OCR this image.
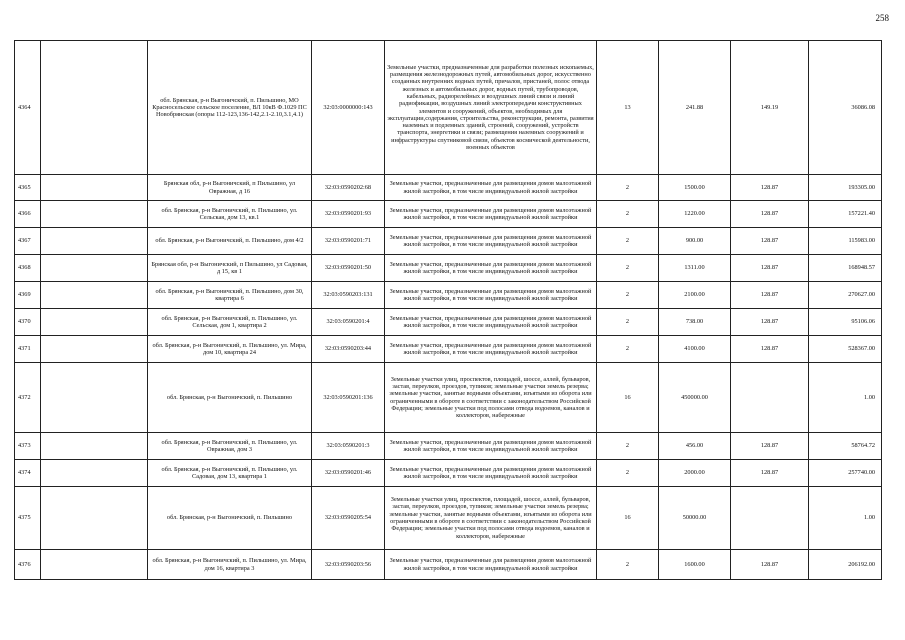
258
4364		обл. Брянская, р-н Выгоничский, п. Пильшино, МО Красносельское сельское поселение, ВЛ 10кВ Ф.1029 ПС Новобрянская (опоры 112-123,136-142,2.1-2.10,3.1,4.1)	32:03:0000000:143	Земельные участки, предназначенные для разработки полезных ископаемых, размещения железнодорожных путей, автомобильных дорог, искусственно созданных внутренних водных путей, причалов, пристаней, полос отвода железных и автомобильных дорог, водных путей, трубопроводов, кабельных, радиорелейных и воздушных линий связи и линий радиофикации, воздушных линий электропередачи конструктивных элементов и сооружений, объектов, необходимых для эксплуатации,содержания, строительства, реконструкции, ремонта, развития наземных и подземных зданий, строений, сооружений, устройств транспорта, энергетики и связи; размещения наземных сооружений и инфраструктуры спутниковой связи, объектов космической деятельности, военных объектов	13	241.88	149.19	36086.08
4365		Брянская обл, р-н Выгоничский, п Пильшино, ул Овражная, д 16	32:03:0590202:68	Земельные участки, предназначенные для размещения домов малоэтажной жилой застройки, в том числе индивидуальной жилой застройки	2	1500.00	128.87	193305.00
4366		обл. Брянская, р-н Выгоничский, п. Пильшино, ул. Сельская, дом 13, кв.1	32:03:0590201:93	Земельные участки, предназначенные для размещения домов малоэтажной жилой застройки, в том числе индивидуальной жилой застройки	2	1220.00	128.87	157221.40
4367		обл. Брянская, р-н Выгоничский, п. Пильшино, дом 4/2	32:03:0590201:71	Земельные участки, предназначенные для размещения домов малоэтажной жилой застройки, в том числе индивидуальной жилой застройки	2	900.00	128.87	115983.00
4368		Брянская обл, р-н Выгоничский, п Пильшино, ул Садовая, д 15, кв 1	32:03:0590201:50	Земельные участки, предназначенные для размещения домов малоэтажной жилой застройки, в том числе индивидуальной жилой застройки	2	1311.00	128.87	168948.57
4369		обл. Брянская, р-н Выгоничский, п. Пильшино, дом 30, квартира 6	32:03:0590203:131	Земельные участки, предназначенные для размещения домов малоэтажной жилой застройки, в том числе индивидуальной жилой застройки	2	2100.00	128.87	270627.00
4370		обл. Брянская, р-н Выгоничский, п. Пильшино, ул. Сельская, дом 1, квартира 2	32:03:0590201:4	Земельные участки, предназначенные для размещения домов малоэтажной жилой застройки, в том числе индивидуальной жилой застройки	2	738.00	128.87	95106.06
4371		обл. Брянская, р-н Выгоничский, п. Пильшино, ул. Мира, дом 10, квартира 24	32:03:0590203:44	Земельные участки, предназначенные для размещения домов малоэтажной жилой застройки, в том числе индивидуальной жилой застройки	2	4100.00	128.87	528367.00
4372		обл. Брянская, р-н Выгоничский, п. Пильшино	32:03:0590201:136	Земельные участки улиц, проспектов, площадей, шоссе, аллей, бульваров, застав, переулков, проездов, тупиков; земельные участки земель резерва; земельные участки, занятые водными объектами, изъятыми из оборота или ограниченными в обороте в соответствии с законодательством Российской Федерации; земельные участки под полосами отвода водоемов, каналов и коллекторов, набережные	16	450000.00		1.00
4373		обл. Брянская, р-н Выгоничский, п. Пильшино, ул. Овражная, дом 3	32:03:0590201:3	Земельные участки, предназначенные для размещения домов малоэтажной жилой застройки, в том числе индивидуальной жилой застройки	2	456.00	128.87	58764.72
4374		обл. Брянская, р-н Выгоничский, п. Пильшино, ул. Садовая, дом 13, квартира 1	32:03:0590201:46	Земельные участки, предназначенные для размещения домов малоэтажной жилой застройки, в том числе индивидуальной жилой застройки	2	2000.00	128.87	257740.00
4375		обл. Брянская, р-н Выгоничский, п. Пильшино	32:03:0590205:54	Земельные участки улиц, проспектов, площадей, шоссе, аллей, бульваров, застав, переулков, проездов, тупиков; земельные участки земель резерва; земельные участки, занятые водными объектами, изъятыми из оборота или ограниченными в обороте в соответствии с законодательством Российской Федерации; земельные участки под полосами отвода водоемов, каналов и коллекторов, набережные	16	50000.00		1.00
4376		обл. Брянская, р-н Выгоничский, п. Пильшино, ул. Мира, дом 16, квартира 3	32:03:0590203:56	Земельные участки, предназначенные для размещения домов малоэтажной жилой застройки, в том числе индивидуальной жилой застройки	2	1600.00	128.87	206192.00
